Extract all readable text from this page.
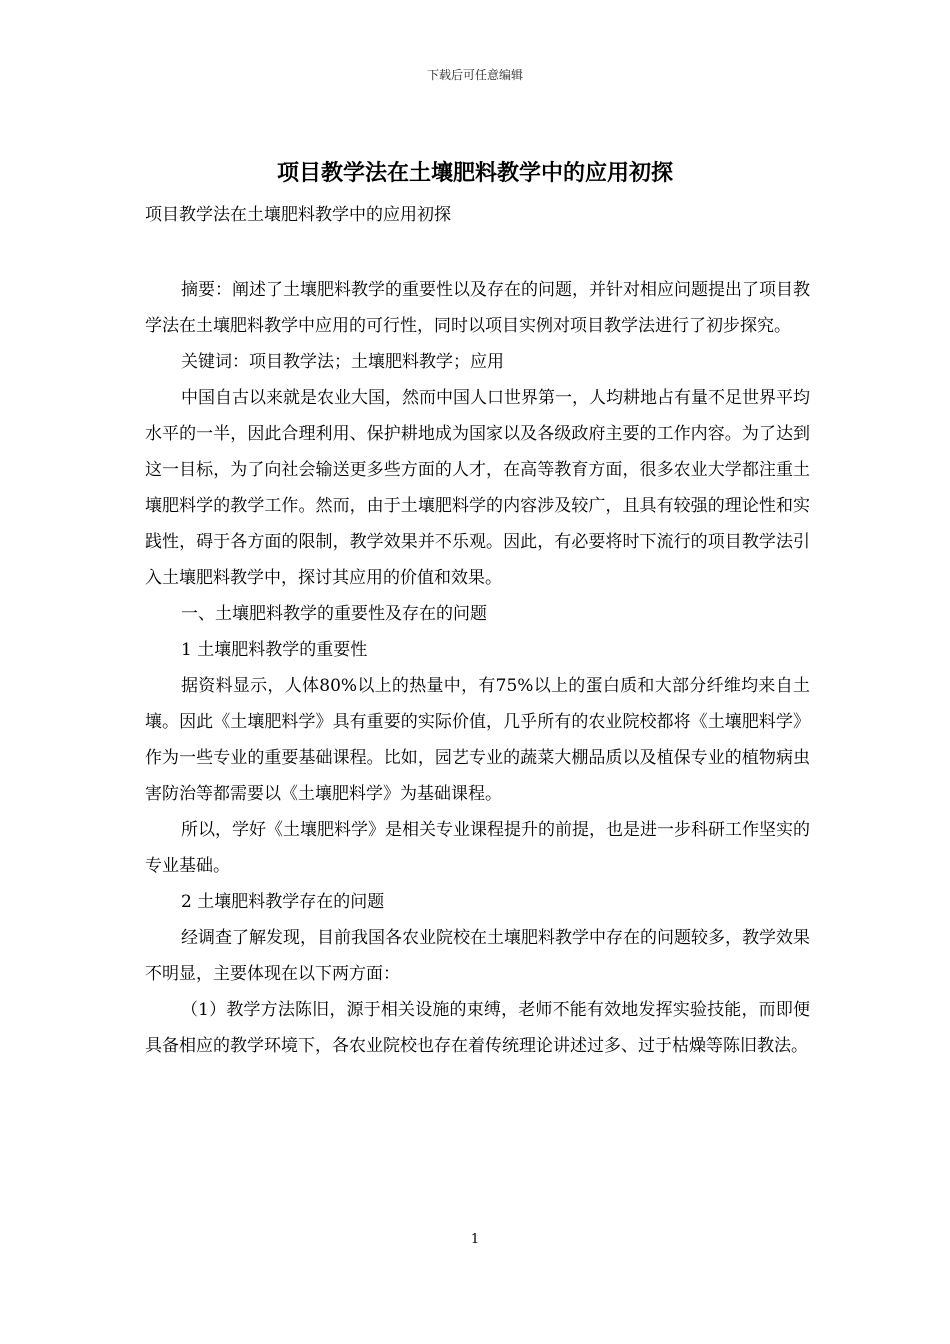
下载后可任意编辑
项目教学法在土壤肥料教学中的应用初探

项目教学法在土壤肥料教学中的应用初探

摘要：阐述了土壤肥料教学的重要性以及存在的问题，并针对相应问题提出了项目教学法在土壤肥料教学中应用的可行性，同时以项目实例对项目教学法进行了初步探究。

关键词：项目教学法；土壤肥料教学；应用

中国自古以来就是农业大国，然而中国人口世界第一，人均耕地占有量不足世界平均水平的一半，因此合理利用、保护耕地成为国家以及各级政府主要的工作内容。为了达到这一目标，为了向社会输送更多些方面的人才，在高等教育方面，很多农业大学都注重土壤肥料学的教学工作。然而，由于土壤肥料学的内容涉及较广，且具有较强的理论性和实践性，碍于各方面的限制，教学效果并不乐观。因此，有必要将时下流行的项目教学法引入土壤肥料教学中，探讨其应用的价值和效果。

一、土壤肥料教学的重要性及存在的问题

1 土壤肥料教学的重要性

据资料显示，人体80%以上的热量中，有75%以上的蛋白质和大部分纤维均来自土壤。因此《土壤肥料学》具有重要的实际价值，几乎所有的农业院校都将《土壤肥料学》作为一些专业的重要基础课程。比如，园艺专业的蔬菜大棚品质以及植保专业的植物病虫害防治等都需要以《土壤肥料学》为基础课程。

所以，学好《土壤肥料学》是相关专业课程提升的前提，也是进一步科研工作坚实的专业基础。

2 土壤肥料教学存在的问题

经调查了解发现，目前我国各农业院校在土壤肥料教学中存在的问题较多，教学效果不明显，主要体现在以下两方面：

（1）教学方法陈旧，源于相关设施的束缚，老师不能有效地发挥实验技能，而即便具备相应的教学环境下，各农业院校也存在着传统理论讲述过多、过于枯燥等陈旧教法。

1
